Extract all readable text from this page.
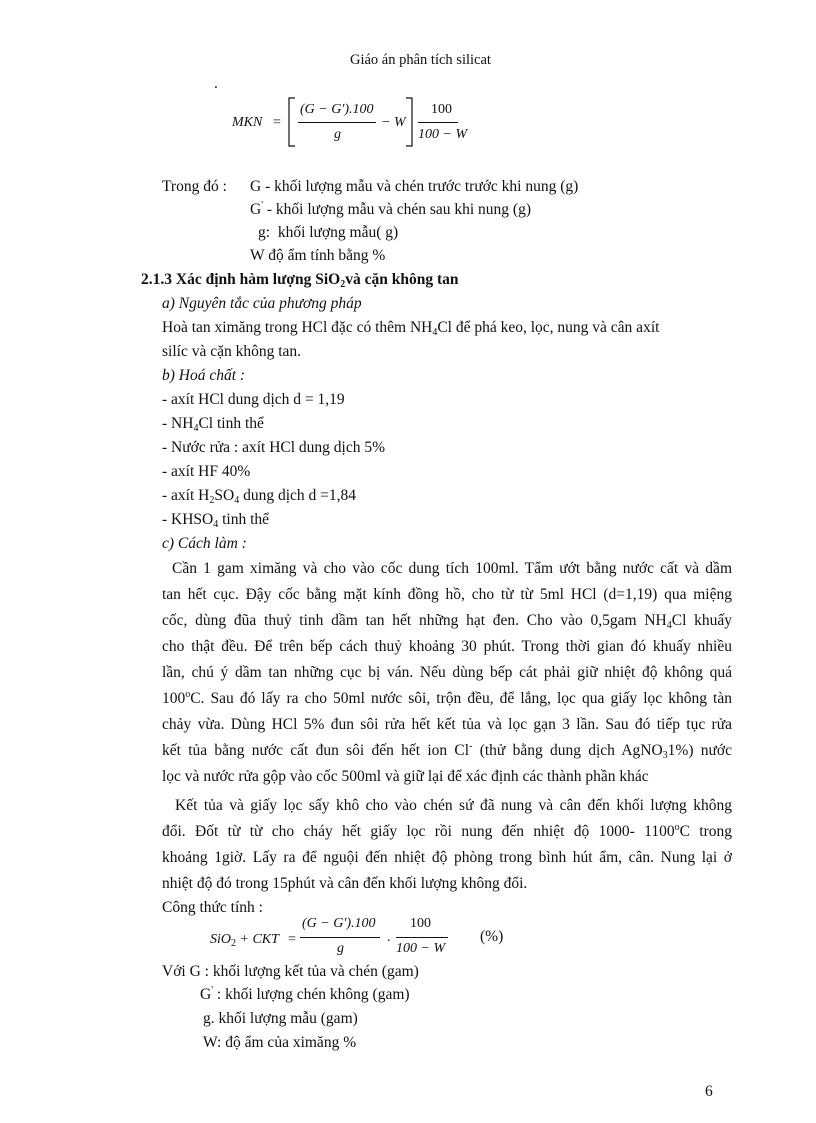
Giáo án phân tích silicat
.
MKN =
(G − G').100
g
− W
100
100 − W
Trong đó : G - khối lượng mẫu và chén trước trước khi nung (g)
G' - khối lượng mẫu và chén sau khi nung (g)
g: khối lượng mẫu( g)
W độ ẩm tính bằng %
2.1.3 Xác định hàm lượng SiO$_2$và cặn không tan
a) Nguyên tắc của phương pháp
Hoà tan ximăng trong HCl đặc có thêm $NH_4Cl$ để phá keo, lọc, nung và cân axít
silíc và cặn không tan.
b) Hoá chất :
- axít HCl dung dịch d = 1,19
- $NH_4Cl$ tinh thể
- Nước rửa : axít HCl dung dịch 5%
- axít HF 40%
- axít $H_2SO_4$ dung dịch d =1,84
- $KHSO_4$ tinh thể
c) Cách làm :
Cần 1 gam ximăng và cho vào cốc dung tích 100ml. Tẩm ướt bằng nước cất và dầm
tan hết cục. Đậy cốc bằng mặt kính đồng hồ, cho từ từ 5ml HCl (d=1,19) qua miệng
cốc, dùng đũa thuỷ tinh dầm tan hết những hạt đen. Cho vào 0,5gam $NH_4Cl$ khuấy
cho thật đều. Để trên bếp cách thuỷ khoảng 30 phút. Trong thời gian đó khuấy nhiều
lần, chú ý dầm tan những cục bị ván. Nếu dùng bếp cát phải giữ nhiệt độ không quá
100$^o$C. Sau đó lấy ra cho 50ml nước sôi, trộn đều, để lắng, lọc qua giấy lọc không tàn
chảy vừa. Dùng HCl 5% đun sôi rửa hết kết tủa và lọc gạn 3 lần. Sau đó tiếp tục rửa
kết tủa bằng nước cất đun sôi đến hết ion Cl- (thử bằng dung dịch AgNO$_3$1%) nước
lọc và nước rửa gộp vào cốc 500ml và giữ lại để xác định các thành phần khác
Kết tủa và giấy lọc sấy khô cho vào chén sứ đã nung và cân đến khối lượng không
đổi. Đốt từ từ cho cháy hết giấy lọc rồi nung đến nhiệt độ 1000- 1100$^o$C trong
khoảng 1giờ. Lấy ra để nguội đến nhiệt độ phòng trong bình hút ẩm, cân. Nung lại ở
nhiệt độ đó trong 15phút và cân đến khối lượng không đổi.
Công thức tính :
SiO$_2$ + CKT =
(G − G').100
g
.
100
100 − W
(%)
Với G : khối lượng kết tủa và chén (gam)
G' : khối lượng chén không (gam)
g. khối lượng mẫu (gam)
W: độ ẩm của ximăng %
6
